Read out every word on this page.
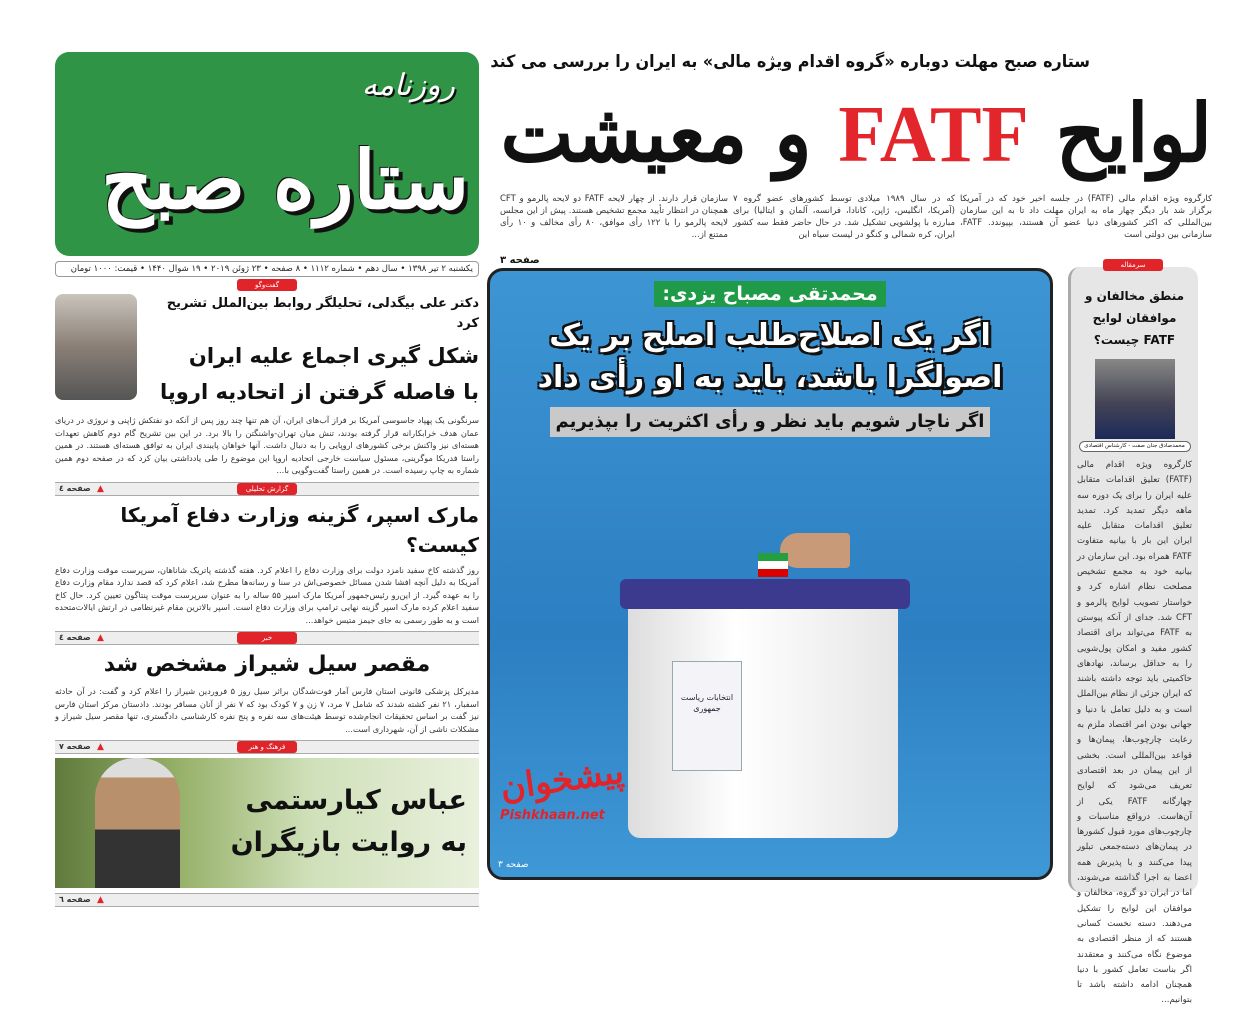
روزنامه
ستاره صبح
یکشنبه ۲ تیر ۱۳۹۸ • سال دهم • شماره ۱۱۱۲ • ۸ صفحه • ۲۳ ژوئن ۲۰۱۹ • ۱۹ شوال ۱۴۴۰ • قیمت: ۱۰۰۰ تومان
ستاره صبح مهلت دوباره «گروه اقدام ویژه مالی» به ایران را بررسی می کند
لوایح FATF و معیشت
کارگروه ویژه اقدام مالی (FATF) در جلسه اخیر خود که در آمریکا برگزار شد بار دیگر چهار ماه به ایران مهلت داد تا به این سازمان بین‌المللی که اکثر کشورهای دنیا عضو آن هستند، بپیوندد. FATF، سازمانی بین دولتی است
که در سال ۱۹۸۹ میلادی توسط کشورهای عضو گروه ۷ (آمریکا، انگلیس، ژاپن، کانادا، فرانسه، آلمان و ایتالیا) برای مبارزه با پولشویی تشکیل شد. در حال حاضر فقط سه کشور ایران، کره شمالی و کنگو در لیست سیاه این
سازمان قرار دارند. از چهار لایحه FATF دو لایحه پالرمو و CFT همچنان در انتظار تأیید مجمع تشخیص هستند. پیش از این مجلس لایحه پالرمو را با ۱۲۲ رأی موافق، ۸۰ رأی مخالف و ۱۰ رأی ممتنع از...
صفحه ۳
گفت‌وگو
دکتر علی بیگدلی، تحلیلگر روابط بین‌الملل تشریح کرد
شکل گیری اجماع علیه ایران
با فاصله گرفتن از اتحادیه اروپا
سرنگونی یک پهپاد جاسوسی آمریکا بر فراز آب‌های ایران، آن هم تنها چند روز پس از آنکه دو نفتکش ژاپنی و نروژی در دریای عمان هدف خرابکارانه قرار گرفته بودند، تنش میان تهران-واشنگتن را بالا برد. در این بین تشریح گام دوم کاهش تعهدات هسته‌ای نیز واکنش برخی کشورهای اروپایی را به دنبال داشت. آنها خواهان پایبندی ایران به توافق هسته‌ای هستند. در همین راستا فدریکا موگرینی، مسئول سیاست خارجی اتحادیه اروپا این موضوع را طی یادداشتی بیان کرد که در صفحه دوم همین شماره به چاپ رسیده است. در همین راستا گفت‌وگویی با...
صفحه ٤ ▲	گزارش تحلیلی
مارک اسپر، گزینه وزارت دفاع آمریکا کیست؟
روز گذشته کاخ سفید نامزد دولت برای وزارت دفاع را اعلام کرد. هفته گذشته پاتریک شاناهان، سرپرست موقت وزارت دفاع آمریکا به دلیل آنچه افشا شدن مسائل خصوصی‌اش در سنا و رسانه‌ها مطرح شد، اعلام کرد که قصد ندارد مقام وزارت دفاع را به عهده گیرد. از این‌رو رئیس‌جمهور آمریکا مارک اسپر ۵۵ ساله را به عنوان سرپرست موقت پنتاگون تعیین کرد. حال کاخ سفید اعلام کرده مارک اسپر گزینه نهایی ترامپ برای وزارت دفاع است. اسپر بالاترین مقام غیرنظامی در ارتش ایالات‌متحده است و به طور رسمی به جای جیمز متیس خواهد...
صفحه ٤ ▲	خبر
مقصر سیل شیراز مشخص شد
مدیرکل پزشکی قانونی استان فارس آمار فوت‌شدگان براثر سیل روز ۵ فروردین شیراز را اعلام کرد و گفت: در آن حادثه اسفبار، ۲۱ نفر کشته شدند که شامل ۷ مرد، ۷ زن و ۷ کودک بود که ۷ نفر از آنان مسافر بودند. دادستان مرکز استان فارس نیز گفت بر اساس تحقیقات انجام‌شده توسط هیئت‌های سه نفره و پنج نفره کارشناسی دادگستری، تنها مقصر سیل شیراز و مشکلات ناشی از آن، شهرداری است...
صفحه ۷ ▲	فرهنگ و هنر
عباس کیارستمی
به روایت بازیگران
صفحه ٦ ▲
انتخابات ریاست جمهوری
محمدتقی مصباح یزدی:
اگر یک اصلاح‌طلب اصلح بر یک اصولگرا باشد، باید به او رأی داد
اگر ناچار شویم باید نظر و رأی اکثریت را بپذیریم
صفحه ۳
پیشخوان
Pishkhaan.net
منطق مخالفان و موافقان لوایح FATF چیست؟
محمدصادق جنان صفت - کارشناس اقتصادی
کارگروه ویژه اقدام مالی (FATF) تعلیق اقدامات متقابل علیه ایران را برای یک دوره سه ماهه دیگر تمدید کرد. تمدید تعلیق اقدامات متقابل علیه ایران این بار با بیانیه متفاوت FATF همراه بود. این سازمان در بیانیه خود به مجمع تشخیص مصلحت نظام اشاره کرد و خواستار تصویب لوایح پالرمو و CFT شد. جدای از آنکه پیوستن به FATF می‌تواند برای اقتصاد کشور مفید و امکان پول‌شویی را به حداقل برساند، نهادهای حاکمیتی باید توجه داشته باشند که ایران جزئی از نظام بین‌الملل است و به دلیل تعامل با دنیا و جهانی بودن امر اقتصاد ملزم به رعایت چارچوب‌ها، پیمان‌ها و قواعد بین‌المللی است. بخشی از این پیمان در بعد اقتصادی تعریف می‌شود که لوایح چهارگانه FATF یکی از آن‌هاست. درواقع مناسبات و چارچوب‌های مورد قبول کشورها در پیمان‌های دسته‌جمعی تبلور پیدا می‌کنند و با پذیرش همه اعضا به اجرا گذاشته می‌شوند، اما در ایران دو گروه، مخالفان و موافقان این لوایح را تشکیل می‌دهند. دسته نخست کسانی هستند که از منظر اقتصادی به موضوع نگاه می‌کنند و معتقدند اگر بناست تعامل کشور با دنیا همچنان ادامه داشته باشد تا بتوانیم...
سرمقاله
